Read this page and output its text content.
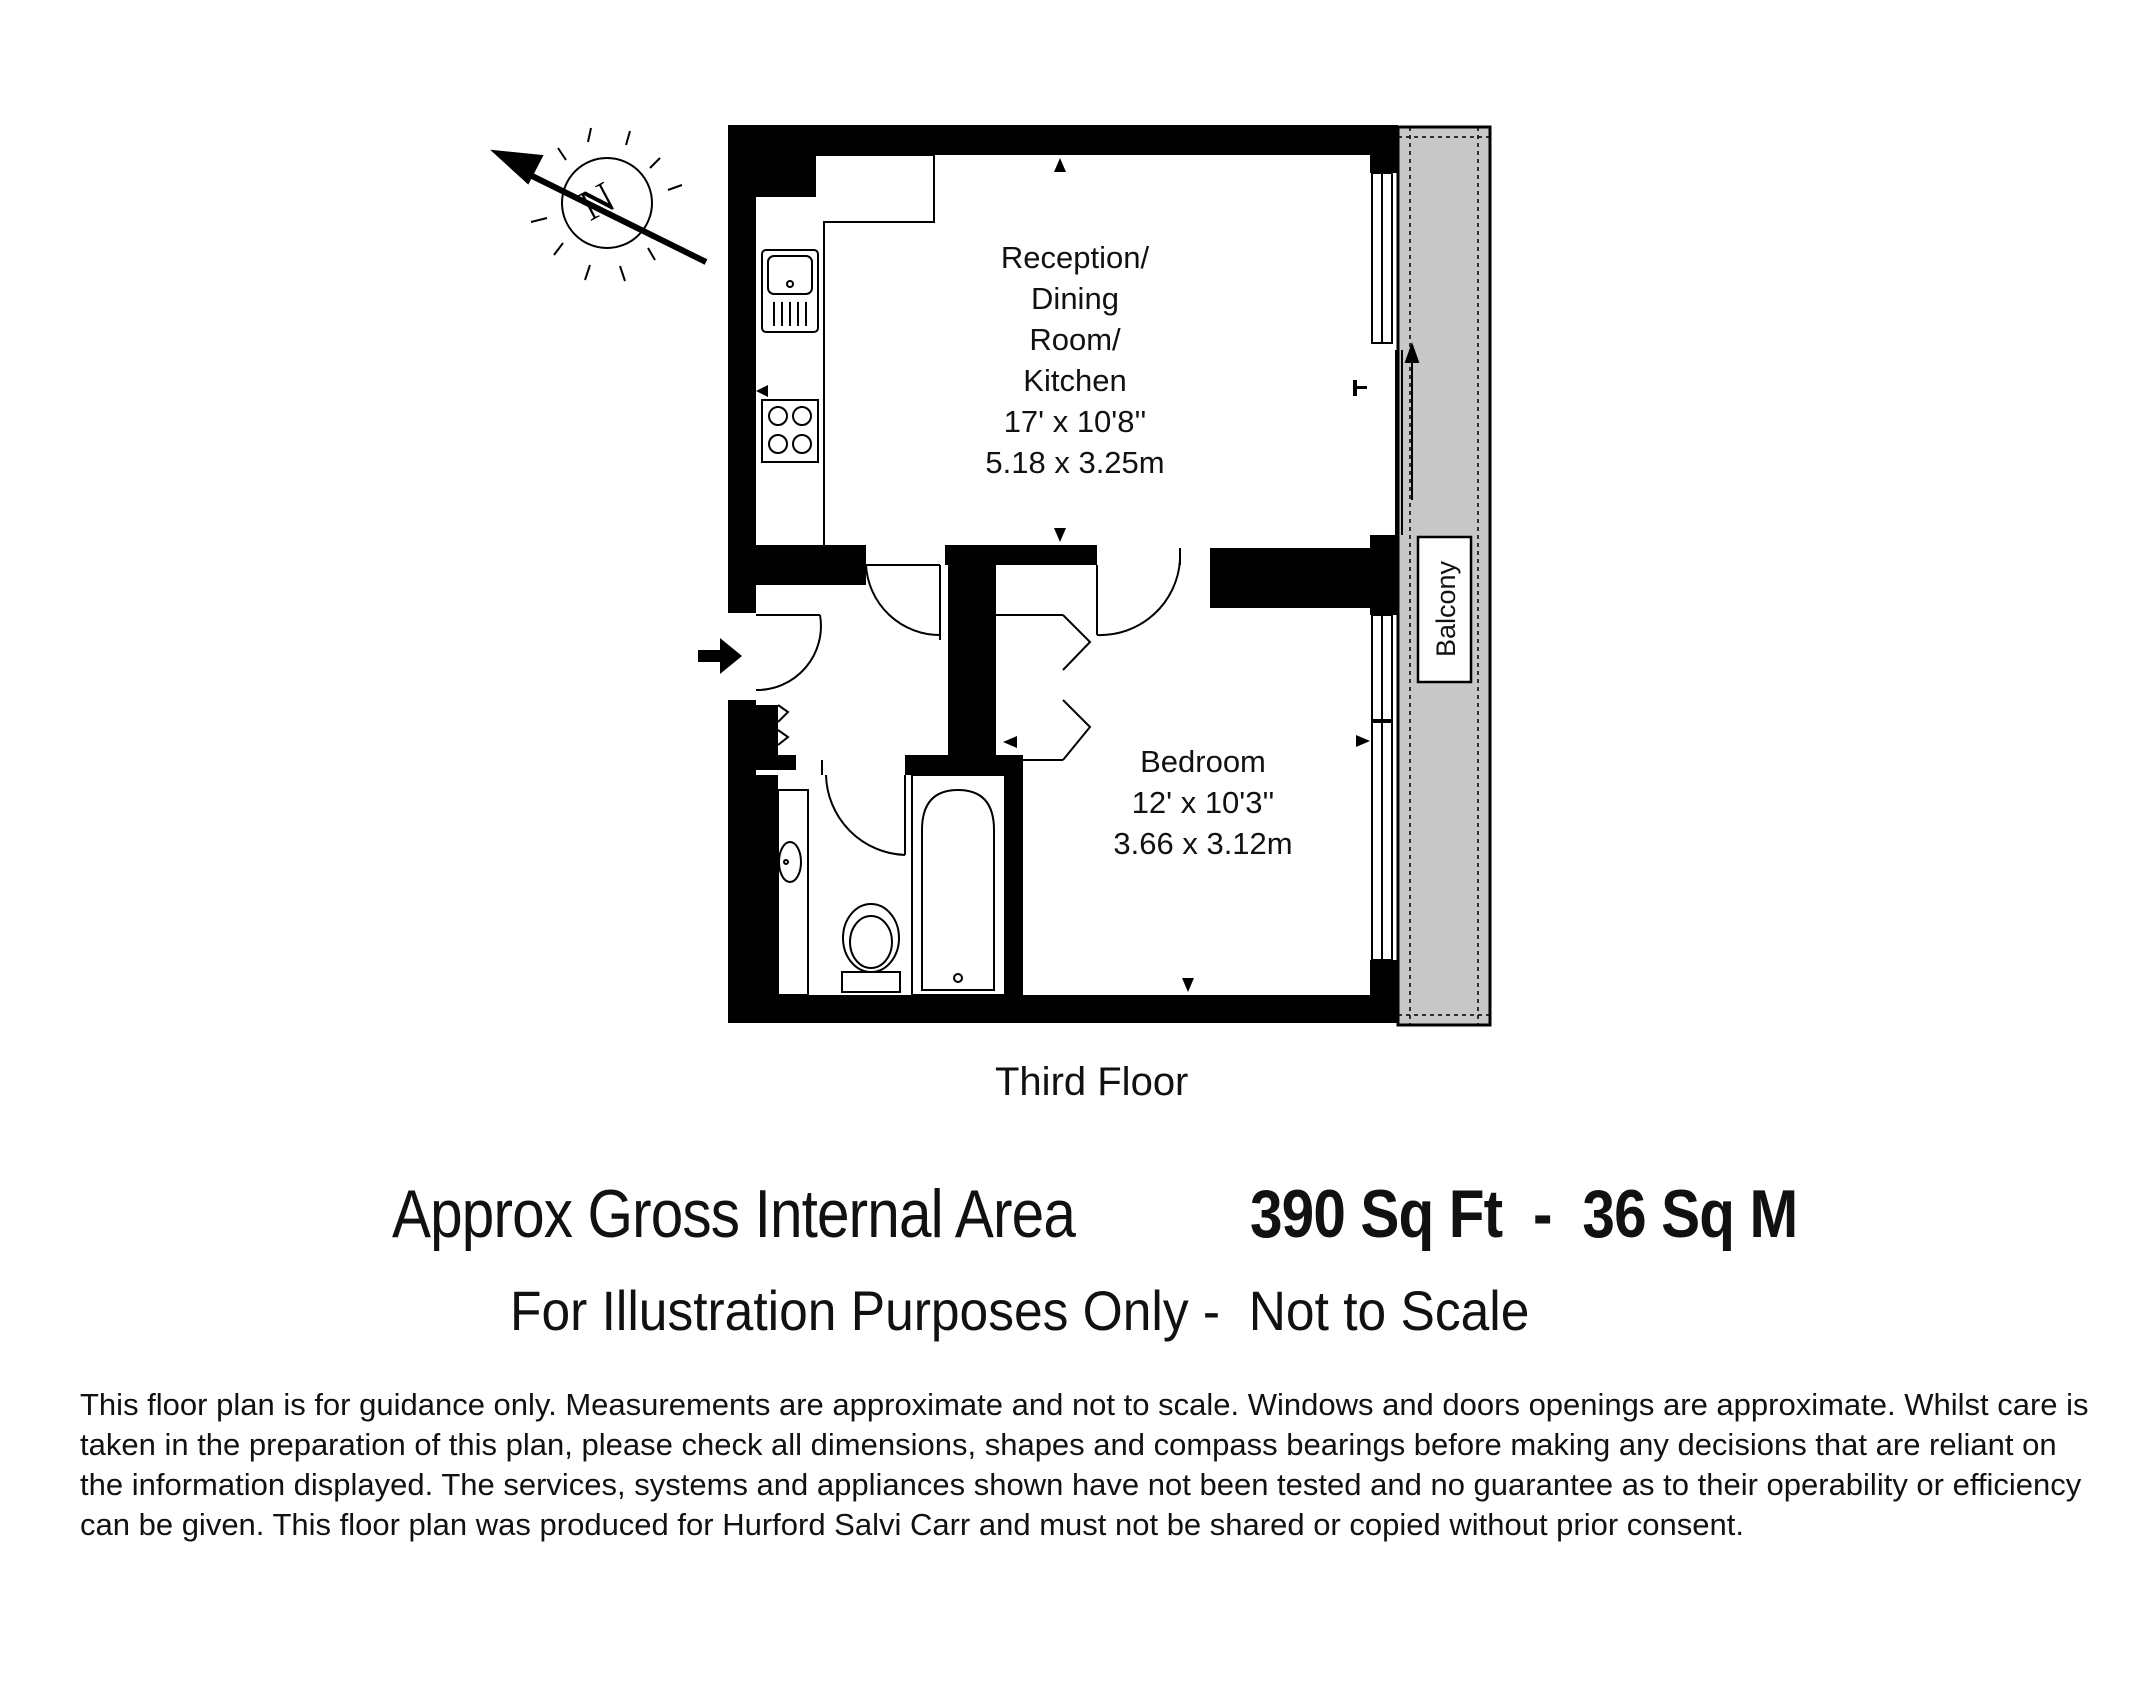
Balcony
N
Reception/
Dining
Room/
Kitchen
17' x 10'8''
5.18 x 3.25m
Bedroom
12' x 10'3''
3.66 x 3.12m
Third Floor
Approx Gross Internal Area	390 Sq Ft  -  36 Sq M
For Illustration Purposes Only -  Not to Scale
This floor plan is for guidance only. Measurements are approximate and not to scale. Windows and doors openings are approximate. Whilst care is taken in the preparation of this plan, please check all dimensions, shapes and compass bearings before making any decisions that are reliant on the information displayed. The services, systems and appliances shown have not been tested and no guarantee as to their operability or efficiency can be given. This floor plan was produced for Hurford Salvi Carr and must not be shared or copied without prior consent.
